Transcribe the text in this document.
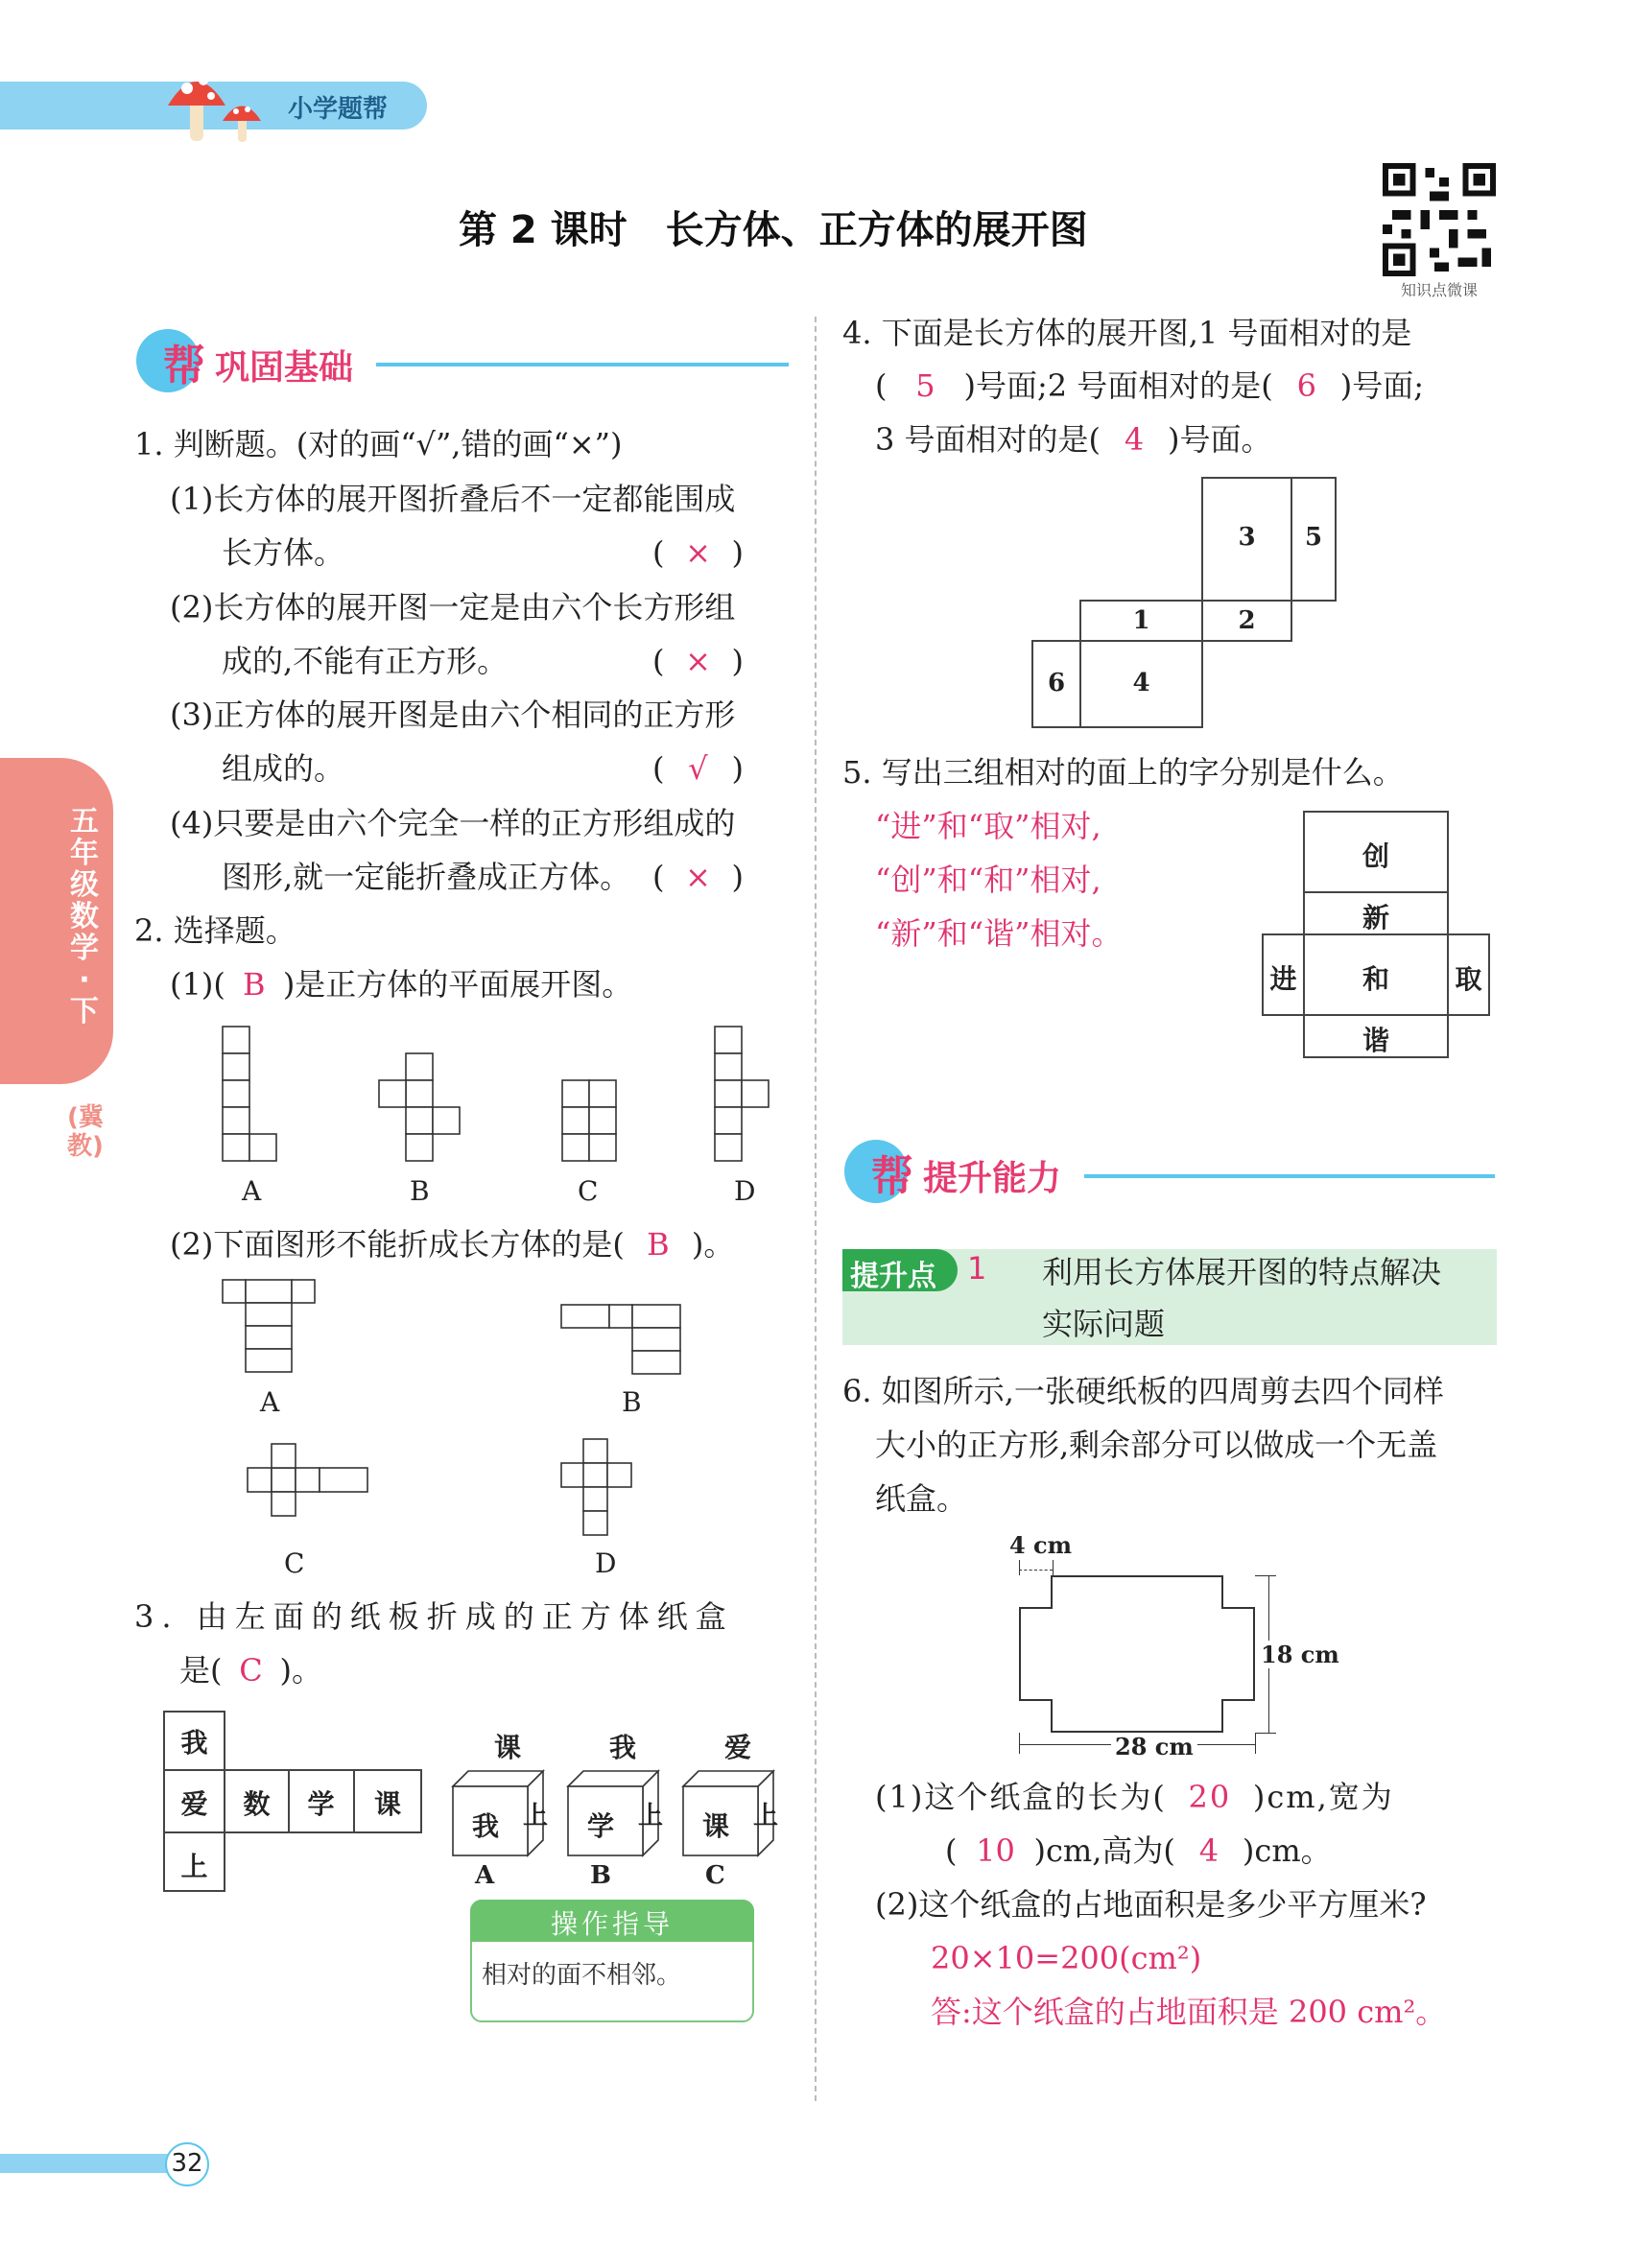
小学题帮
第 2 课时　长方体、正方体的展开图
知识点微课
五年级数学·下
(冀教)
帮 巩固基础
1. 判断题。(对的画“√”,错的画“×”)
(1)长方体的展开图折叠后不一定都能围成
长方体。	( × )
(2)长方体的展开图一定是由六个长方形组
成的,不能有正方形。	( × )
(3)正方体的展开图是由六个相同的正方形
组成的。	( √ )
(4)只要是由六个完全一样的正方形组成的
图形,就一定能折叠成正方体。 ( × )
2. 选择题。
(1)( B )是正方体的平面展开图。
A	B	C	D
(2)下面图形不能折成长方体的是( B )。
A	B
C	D
3. 由左面的纸板折成的正方体纸盒
是( C )。
我
爱	数	学	课
上
课
我 上
A
我
学 上
B
爱
课 上
C
操作指导
相对的面不相邻。
4. 下面是长方体的展开图,1 号面相对的是
( 5 )号面;2 号面相对的是( 6 )号面;
3 号面相对的是( 4 )号面。
3	5
1	2
6	4
5. 写出三组相对的面上的字分别是什么。
“进”和“取”相对,
“创”和“和”相对,
“新”和“谐”相对。
创
新
进	和	取
谐
帮 提升能力
提升点 1 利用长方体展开图的特点解决
实际问题
6. 如图所示,一张硬纸板的四周剪去四个同样
大小的正方形,剩余部分可以做成一个无盖
纸盒。
4 cm
28 cm
18 cm
(1)这个纸盒的长为( 20 )cm,宽为
( 10 )cm,高为( 4 )cm。
(2)这个纸盒的占地面积是多少平方厘米?
20×10=200(cm²)
答:这个纸盒的占地面积是 200 cm²。
32
